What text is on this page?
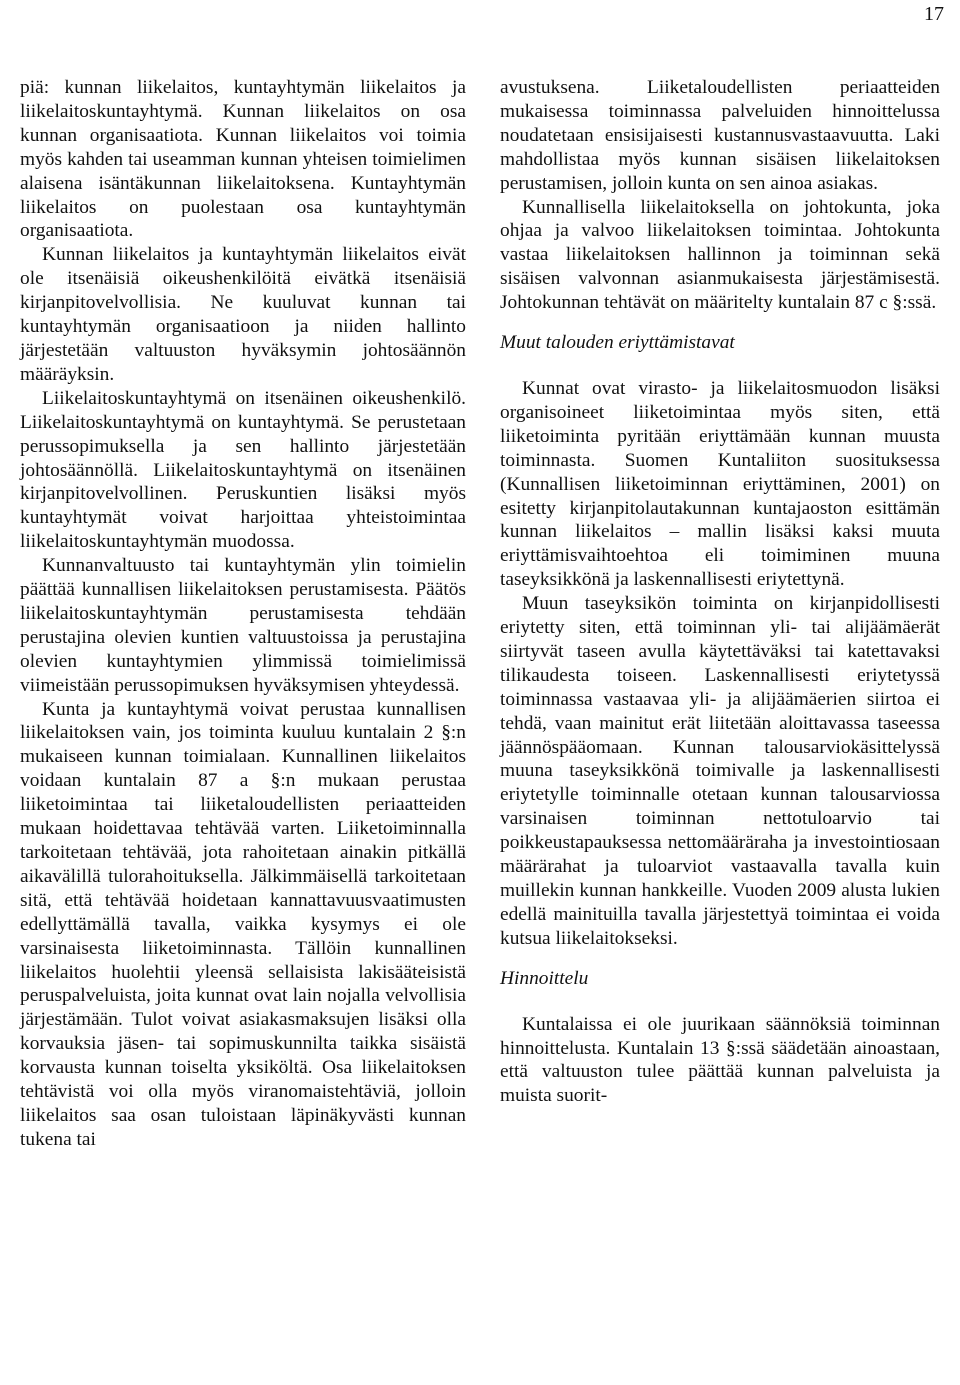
17

piä: kunnan liikelaitos, kuntayhtymän liikelaitos ja liikelaitoskuntayhtymä. Kunnan liikelaitos on osa kunnan organisaatiota. Kunnan liikelaitos voi toimia myös kahden tai useamman kunnan yhteisen toimielimen alaisena isäntäkunnan liikelaitoksena. Kuntayhtymän liikelaitos on puolestaan osa kuntayhtymän organisaatiota.

Kunnan liikelaitos ja kuntayhtymän liikelaitos eivät ole itsenäisiä oikeushenkilöitä eivätkä itsenäisiä kirjanpitovelvollisia. Ne kuuluvat kunnan tai kuntayhtymän organisaatioon ja niiden hallinto järjestetään valtuuston hyväksymin johtosäännön määräyksin.

Liikelaitoskuntayhtymä on itsenäinen oikeushenkilö. Liikelaitoskuntayhtymä on kuntayhtymä. Se perustetaan perussopimuksella ja sen hallinto järjestetään johtosäännöllä. Liikelaitoskuntayhtymä on itsenäinen kirjanpitovelvollinen. Peruskuntien lisäksi myös kuntayhtymät voivat harjoittaa yhteistoimintaa liikelaitoskuntayhtymän muodossa.

Kunnanvaltuusto tai kuntayhtymän ylin toimielin päättää kunnallisen liikelaitoksen perustamisesta. Päätös liikelaitoskuntayhtymän perustamisesta tehdään perustajina olevien kuntien valtuustoissa ja perustajina olevien kuntayhtymien ylimmissä toimielimissä viimeistään perussopimuksen hyväksymisen yhteydessä.

Kunta ja kuntayhtymä voivat perustaa kunnallisen liikelaitoksen vain, jos toiminta kuuluu kuntalain 2 §:n mukaiseen kunnan toimialaan. Kunnallinen liikelaitos voidaan kuntalain 87 a §:n mukaan perustaa liiketoimintaa tai liiketaloudellisten periaatteiden mukaan hoidettavaa tehtävää varten. Liiketoiminnalla tarkoitetaan tehtävää, jota rahoitetaan ainakin pitkällä aikavälillä tulorahoituksella. Jälkimmäisellä tarkoitetaan sitä, että tehtävää hoidetaan kannattavuusvaatimusten edellyttämällä tavalla, vaikka kysymys ei ole varsinaisesta liiketoiminnasta. Tällöin kunnallinen liikelaitos huolehtii yleensä sellaisista lakisääteisistä peruspalveluista, joita kunnat ovat lain nojalla velvollisia järjestämään. Tulot voivat asiakasmaksujen lisäksi olla korvauksia jäsen- tai sopimuskunnilta taikka sisäistä korvausta kunnan toiselta yksiköltä. Osa liikelaitoksen tehtävistä voi olla myös viranomaistehtäviä, jolloin liikelaitos saa osan tuloistaan läpinäkyvästi kunnan tukena tai

avustuksena. Liiketaloudellisten periaatteiden mukaisessa toiminnassa palveluiden hinnoittelussa noudatetaan ensisijaisesti kustannusvastaavuutta. Laki mahdollistaa myös kunnan sisäisen liikelaitoksen perustamisen, jolloin kunta on sen ainoa asiakas.

Kunnallisella liikelaitoksella on johtokunta, joka ohjaa ja valvoo liikelaitoksen toimintaa. Johtokunta vastaa liikelaitoksen hallinnon ja toiminnan sekä sisäisen valvonnan asianmukaisesta järjestämisestä. Johtokunnan tehtävät on määritelty kuntalain 87 c §:ssä.

Muut talouden eriyttämistavat

Kunnat ovat virasto- ja liikelaitosmuodon lisäksi organisoineet liiketoimintaa myös siten, että liiketoiminta pyritään eriyttämään kunnan muusta toiminnasta. Suomen Kuntaliiton suosituksessa (Kunnallisen liiketoiminnan eriyttäminen, 2001) on esitetty kirjanpitolautakunnan kuntajaoston esittämän kunnan liikelaitos – mallin lisäksi kaksi muuta eriyttämisvaihtoehtoa eli toimiminen muuna taseyksikkönä ja laskennallisesti eriytettynä.

Muun taseyksikön toiminta on kirjanpidollisesti eriytetty siten, että toiminnan yli- tai alijäämäerät siirtyvät taseen avulla käytettäväksi tai katettavaksi tilikaudesta toiseen. Laskennallisesti eriytetyssä toiminnassa vastaavaa yli- ja alijäämäerien siirtoa ei tehdä, vaan mainitut erät liitetään aloittavassa taseessa jäännöspääomaan. Kunnan talousarviokäsittelyssä muuna taseyksikkönä toimivalle ja laskennallisesti eriytetylle toiminnalle otetaan kunnan talousarviossa varsinaisen toiminnan nettotuloarvio tai poikkeustapauksessa nettomääräraha ja investointiosaan määrärahat ja tuloarviot vastaavalla tavalla kuin muillekin kunnan hankkeille. Vuoden 2009 alusta lukien edellä mainituilla tavalla järjestettyä toimintaa ei voida kutsua liikelaitokseksi.

Hinnoittelu

Kuntalaissa ei ole juurikaan säännöksiä toiminnan hinnoittelusta. Kuntalain 13 §:ssä säädetään ainoastaan, että valtuuston tulee päättää kunnan palveluista ja muista suorit-
